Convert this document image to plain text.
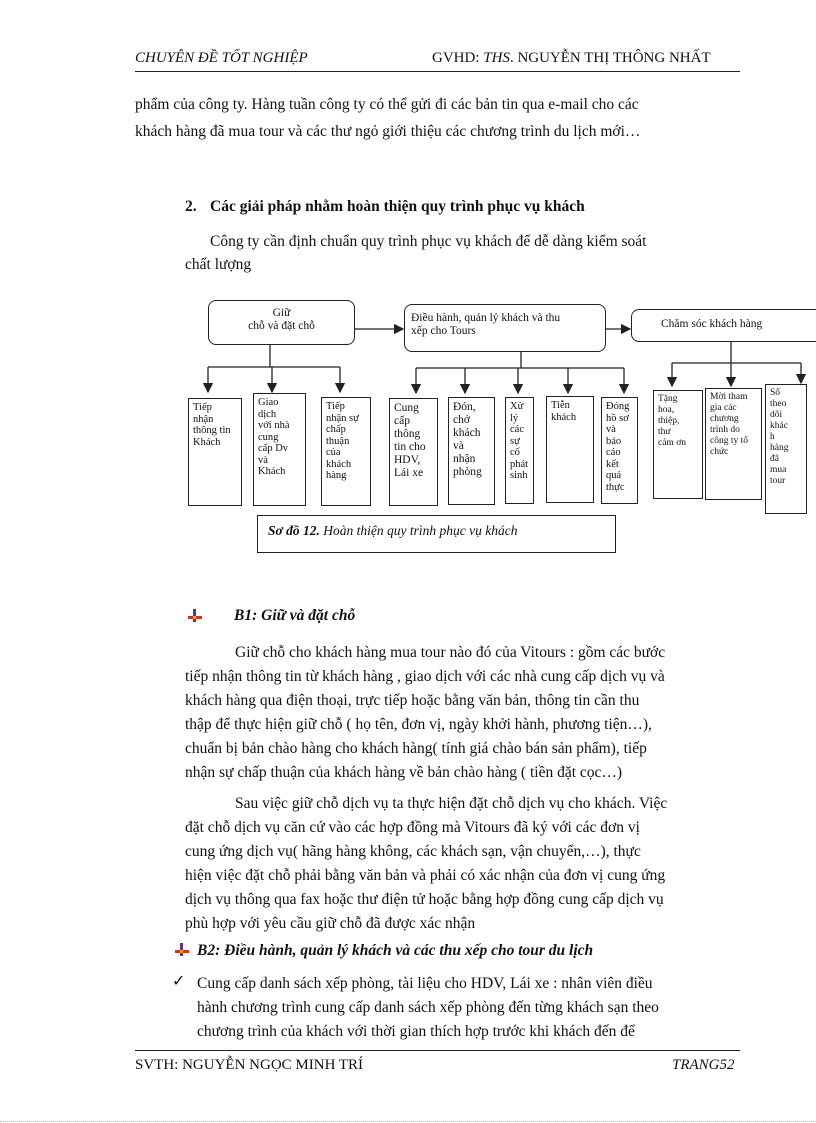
CHUYÊN ĐỀ TỐT NGHIỆP	GVHD: THS. NGUYỄN THỊ THÔNG NHẤT
phẩm của công ty. Hàng tuần công ty có thể gửi đi các bản tin qua e-mail cho các
khách hàng đã mua tour và các thư ngỏ giới thiệu các chương trình du lịch mới…
2. Các giải pháp nhằm hoàn thiện quy trình phục vụ khách
Công ty cần định chuẩn quy trình phục vụ khách để dễ dàng kiểm soát
chất lượng
Giữ
chỗ và đặt chỗ
Điều hành, quản lý khách và thu
xếp cho Tours
Chăm sóc khách hàng
Tiếp
nhận
thông tin
Khách
Giao
dịch
với nhà
cung
cấp Dv
và
Khách
Tiếp
nhận sự
chấp
thuận
của
khách
hàng
Cung
cấp
thông
tin cho
HDV,
Lái xe
Đón,
chở
khách
và
nhận
phòng
Xử
lý
các
sự
cố
phát
sinh
Tiễn
khách
Đóng
hồ sơ
và
báo
cáo
kết
quả
thực
Tặng
hoa,
thiệp,
thư
cảm ơn
Mời tham
gia các
chương
trình do
công ty tổ
chức
Sổ
theo
dõi
khác
h
hàng
đã
mua
tour
Sơ đồ 12. Hoàn thiện quy trình phục vụ khách
B1: Giữ và đặt chỗ
Giữ chỗ cho khách hàng mua tour nào đó của Vitours : gồm các bước
tiếp nhận thông tin từ khách hàng , giao dịch với các nhà cung cấp dịch vụ và
khách hàng qua điện thoại, trực tiếp hoặc bằng văn bản, thông tin cần thu
thập để thực hiện giữ chỗ ( họ tên, đơn vị, ngày khởi hành, phương tiện…),
chuẩn bị bản chào hàng cho khách hàng( tính giá chào bán sản phẩm), tiếp
nhận sự chấp thuận của khách hàng về bản chào hàng ( tiền đặt cọc…)
Sau việc giữ chỗ dịch vụ ta thực hiện đặt chỗ dịch vụ cho khách. Việc
đặt chỗ dịch vụ căn cứ vào các hợp đồng mà Vitours đã ký với các đơn vị
cung ứng dịch vụ( hãng hàng không, các khách sạn, vận chuyển,…), thực
hiện việc đặt chỗ phải bằng văn bản và phải có xác nhận của đơn vị cung ứng
dịch vụ thông qua fax hoặc thư điện tử hoặc bằng hợp đồng cung cấp dịch vụ
phù hợp với yêu cầu giữ chỗ đã được xác nhận
B2: Điều hành, quản lý khách và các thu xếp cho tour du lịch
✓ Cung cấp danh sách xếp phòng, tài liệu cho HDV, Lái xe : nhân viên điều
hành chương trình cung cấp danh sách xếp phòng đến từng khách sạn theo
chương trình của khách với thời gian thích hợp trước khi khách đến để
SVTH: NGUYỄN NGỌC MINH TRÍ	TRANG52
